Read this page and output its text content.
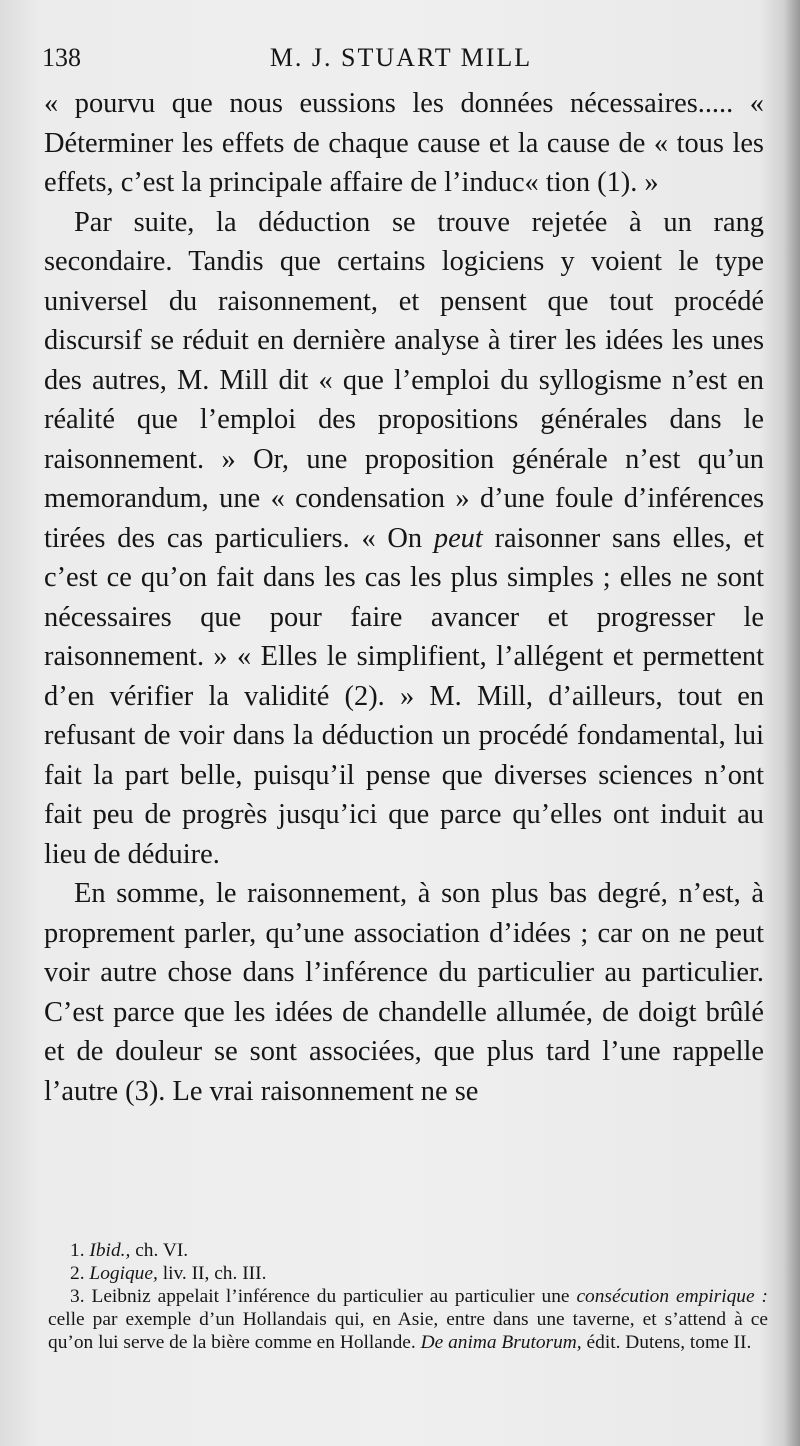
138	M. J. STUART MILL

« pourvu que nous eussions les données nécessaires..... « Déterminer les effets de chaque cause et la cause de « tous les effets, c’est la principale affaire de l’induc« tion (1). »

Par suite, la déduction se trouve rejetée à un rang secondaire. Tandis que certains logiciens y voient le type universel du raisonnement, et pensent que tout procédé discursif se réduit en dernière analyse à tirer les idées les unes des autres, M. Mill dit « que l’emploi du syllogisme n’est en réalité que l’emploi des propositions générales dans le raisonnement. » Or, une proposition générale n’est qu’un memorandum, une « condensation » d’une foule d’inférences tirées des cas particuliers. « On peut raisonner sans elles, et c’est ce qu’on fait dans les cas les plus simples ; elles ne sont nécessaires que pour faire avancer et progresser le raisonnement. » « Elles le simplifient, l’allégent et permettent d’en vérifier la validité (2). » M. Mill, d’ailleurs, tout en refusant de voir dans la déduction un procédé fondamental, lui fait la part belle, puisqu’il pense que diverses sciences n’ont fait peu de progrès jusqu’ici que parce qu’elles ont induit au lieu de déduire.

En somme, le raisonnement, à son plus bas degré, n’est, à proprement parler, qu’une association d’idées ; car on ne peut voir autre chose dans l’inférence du particulier au particulier. C’est parce que les idées de chandelle allumée, de doigt brûlé et de douleur se sont associées, que plus tard l’une rappelle l’autre (3). Le vrai raisonnement ne se

1. Ibid., ch. VI.

2. Logique, liv. II, ch. III.

3. Leibniz appelait l’inférence du particulier au particulier une consécution empirique : celle par exemple d’un Hollandais qui, en Asie, entre dans une taverne, et s’attend à ce qu’on lui serve de la bière comme en Hollande. De anima Brutorum, édit. Dutens, tome II.
